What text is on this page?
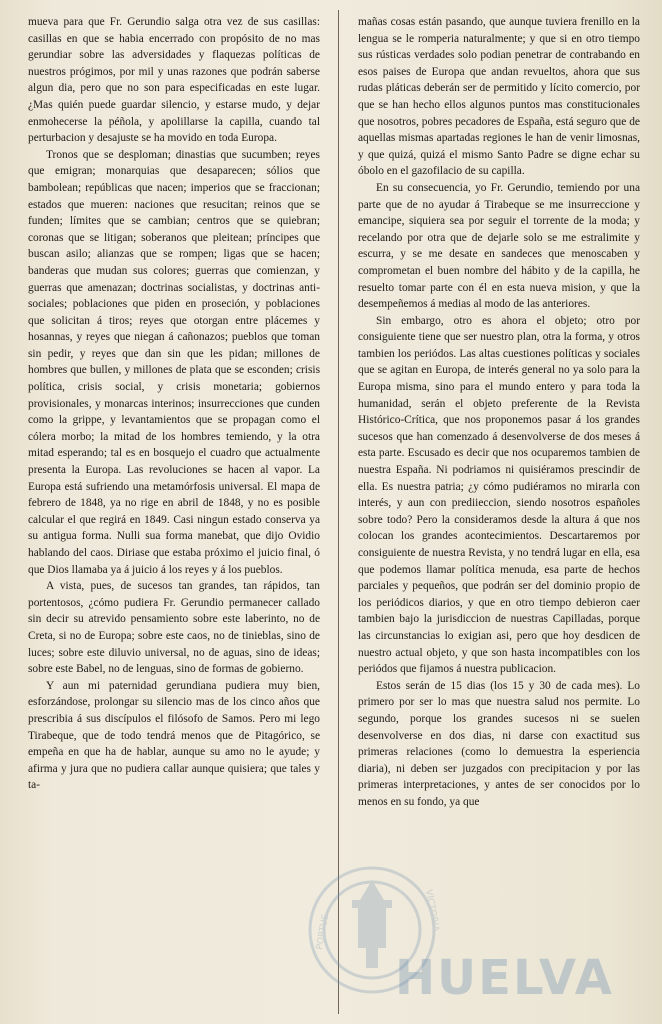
mueva para que Fr. Gerundio salga otra vez de sus casillas: casillas en que se habia encerrado con propósito de no mas gerundiar sobre las adversidades y flaquezas políticas de nuestros prógimos, por mil y unas razones que podrán saberse algun dia, pero que no son para especificadas en este lugar. ¿Mas quién puede guardar silencio, y estarse mudo, y dejar enmohecerse la péñola, y apolillarse la capilla, cuando tal perturbacion y desajuste se ha movido en toda Europa.

Tronos que se desploman; dinastias que sucumben; reyes que emigran; monarquias que desaparecen; sólios que bambolean; repúblicas que nacen; imperios que se fraccionan; estados que mueren: naciones que resucitan; reinos que se funden; límites que se cambian; centros que se quiebran; coronas que se litigan; soberanos que pleitean; príncipes que buscan asilo; alianzas que se rompen; ligas que se hacen; banderas que mudan sus colores; guerras que comienzan, y guerras que amenazan; doctrinas socialistas, y doctrinas anti-sociales; poblaciones que piden en proseción, y poblaciones que solicitan á tiros; reyes que otorgan entre plácemes y hosannas, y reyes que niegan á cañonazos; pueblos que toman sin pedir, y reyes que dan sin que les pidan; millones de hombres que bullen, y millones de plata que se esconden; crisis política, crisis social, y crisis monetaria; gobiernos provisionales, y monarcas interinos; insurrecciones que cunden como la grippe, y levantamientos que se propagan como el cólera morbo; la mitad de los hombres temiendo, y la otra mitad esperando; tal es en bosquejo el cuadro que actualmente presenta la Europa. Las revoluciones se hacen al vapor. La Europa está sufriendo una metamórfosis universal. El mapa de febrero de 1848, ya no rige en abril de 1848, y no es posible calcular el que regirá en 1849. Casi ningun estado conserva ya su antigua forma. Nulli sua forma manebat, que dijo Ovidio hablando del caos. Diriase que estaba próximo el juicio final, ó que Dios llamaba ya á juicio á los reyes y á los pueblos.

A vista, pues, de sucesos tan grandes, tan rápidos, tan portentosos, ¿cómo pudiera Fr. Gerundio permanecer callado sin decir su atrevido pensamiento sobre este laberinto, no de Creta, si no de Europa; sobre este caos, no de tinieblas, sino de luces; sobre este diluvio universal, no de aguas, sino de ideas; sobre este Babel, no de lenguas, sino de formas de gobierno.

Y aun mi paternidad gerundiana pudiera muy bien, esforzándose, prolongar su silencio mas de los cinco años que prescribia á sus discípulos el filósofo de Samos. Pero mi lego Tirabeque, que de todo tendrá menos que de Pitagórico, se empeña en que ha de hablar, aunque su amo no le ayude; y afirma y jura que no pudiera callar aunque quisiera; que tales y ta-

mañas cosas están pasando, que aunque tuviera frenillo en la lengua se le romperia naturalmente; y que si en otro tiempo sus rústicas verdades solo podian penetrar de contrabando en esos paises de Europa que andan revueltos, ahora que sus rudas pláticas deberán ser de permitido y lícito comercio, por que se han hecho ellos algunos puntos mas constitucionales que nosotros, pobres pecadores de España, está seguro que de aquellas mismas apartadas regiones le han de venir limosnas, y que quizá, quizá el mismo Santo Padre se digne echar su óbolo en el gazofilacio de su capilla.

En su consecuencia, yo Fr. Gerundio, temiendo por una parte que de no ayudar á Tirabeque se me insurreccione y emancipe, siquiera sea por seguir el torrente de la moda; y recelando por otra que de dejarle solo se me estralimite y escurra, y se me desate en sandeces que menoscaben y comprometan el buen nombre del hábito y de la capilla, he resuelto tomar parte con él en esta nueva mision, y que la desempeñemos á medias al modo de las anteriores.

Sin embargo, otro es ahora el objeto; otro por consiguiente tiene que ser nuestro plan, otra la forma, y otros tambien los periódos. Las altas cuestiones políticas y sociales que se agitan en Europa, de interés general no ya solo para la Europa misma, sino para el mundo entero y para toda la humanidad, serán el objeto preferente de la Revista Histórico-Crítica, que nos proponemos pasar á los grandes sucesos que han comenzado á desenvolverse de dos meses á esta parte. Escusado es decir que nos ocuparemos tambien de nuestra España. Ni podriamos ni quisiéramos prescindir de ella. Es nuestra patria; ¿y cómo pudiéramos no mirarla con interés, y aun con prediieccion, siendo nosotros españoles sobre todo? Pero la consideramos desde la altura á que nos colocan los grandes acontecimientos. Descartaremos por consiguiente de nuestra Revista, y no tendrá lugar en ella, esa que podemos llamar política menuda, esa parte de hechos parciales y pequeños, que podrán ser del dominio propio de los periódicos diarios, y que en otro tiempo debieron caer tambien bajo la jurisdiccion de nuestras Capilladas, porque las circunstancias lo exigian asi, pero que hoy desdicen de nuestro actual objeto, y que son hasta incompatibles con los periódos que fijamos á nuestra publicacion.

Estos serán de 15 dias (los 15 y 30 de cada mes). Lo primero por ser lo mas que nuestra salud nos permite. Lo segundo, porque los grandes sucesos ni se suelen desenvolverse en dos dias, ni darse con exactitud sus primeras relaciones (como lo demuestra la esperiencia diaria), ni deben ser juzgados con precipitacion y por las primeras interpretaciones, y antes de ser conocidos por lo menos en su fondo, ya que

PORTUS	VICTORIA
HUELVA
